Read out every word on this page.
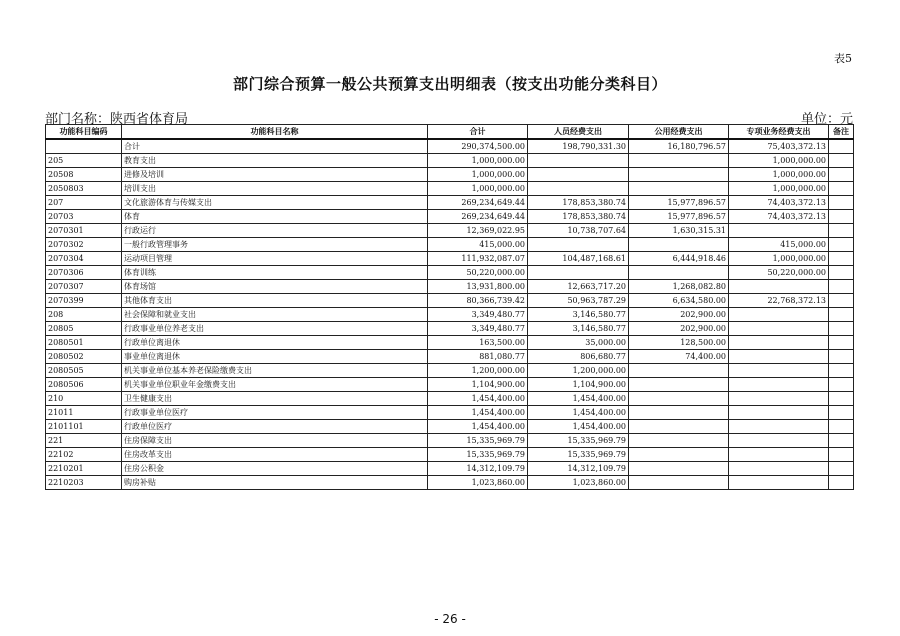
表5
部门综合预算一般公共预算支出明细表（按支出功能分类科目）
部门名称：陕西省体育局	单位：元
功能科目编码	功能科目名称	合计	人员经费支出	公用经费支出	专项业务经费支出	备注
	合计	290,374,500.00	198,790,331.30	16,180,796.57	75,403,372.13	
205	教育支出	1,000,000.00			1,000,000.00	
20508	进修及培训	1,000,000.00			1,000,000.00	
2050803	培训支出	1,000,000.00			1,000,000.00	
207	文化旅游体育与传媒支出	269,234,649.44	178,853,380.74	15,977,896.57	74,403,372.13	
20703	体育	269,234,649.44	178,853,380.74	15,977,896.57	74,403,372.13	
2070301	行政运行	12,369,022.95	10,738,707.64	1,630,315.31		
2070302	一般行政管理事务	415,000.00			415,000.00	
2070304	运动项目管理	111,932,087.07	104,487,168.61	6,444,918.46	1,000,000.00	
2070306	体育训练	50,220,000.00			50,220,000.00	
2070307	体育场馆	13,931,800.00	12,663,717.20	1,268,082.80		
2070399	其他体育支出	80,366,739.42	50,963,787.29	6,634,580.00	22,768,372.13	
208	社会保障和就业支出	3,349,480.77	3,146,580.77	202,900.00		
20805	行政事业单位养老支出	3,349,480.77	3,146,580.77	202,900.00		
2080501	行政单位离退休	163,500.00	35,000.00	128,500.00		
2080502	事业单位离退休	881,080.77	806,680.77	74,400.00		
2080505	机关事业单位基本养老保险缴费支出	1,200,000.00	1,200,000.00			
2080506	机关事业单位职业年金缴费支出	1,104,900.00	1,104,900.00			
210	卫生健康支出	1,454,400.00	1,454,400.00			
21011	行政事业单位医疗	1,454,400.00	1,454,400.00			
2101101	行政单位医疗	1,454,400.00	1,454,400.00			
221	住房保障支出	15,335,969.79	15,335,969.79			
22102	住房改革支出	15,335,969.79	15,335,969.79			
2210201	住房公积金	14,312,109.79	14,312,109.79			
2210203	购房补贴	1,023,860.00	1,023,860.00			
- 26 -
